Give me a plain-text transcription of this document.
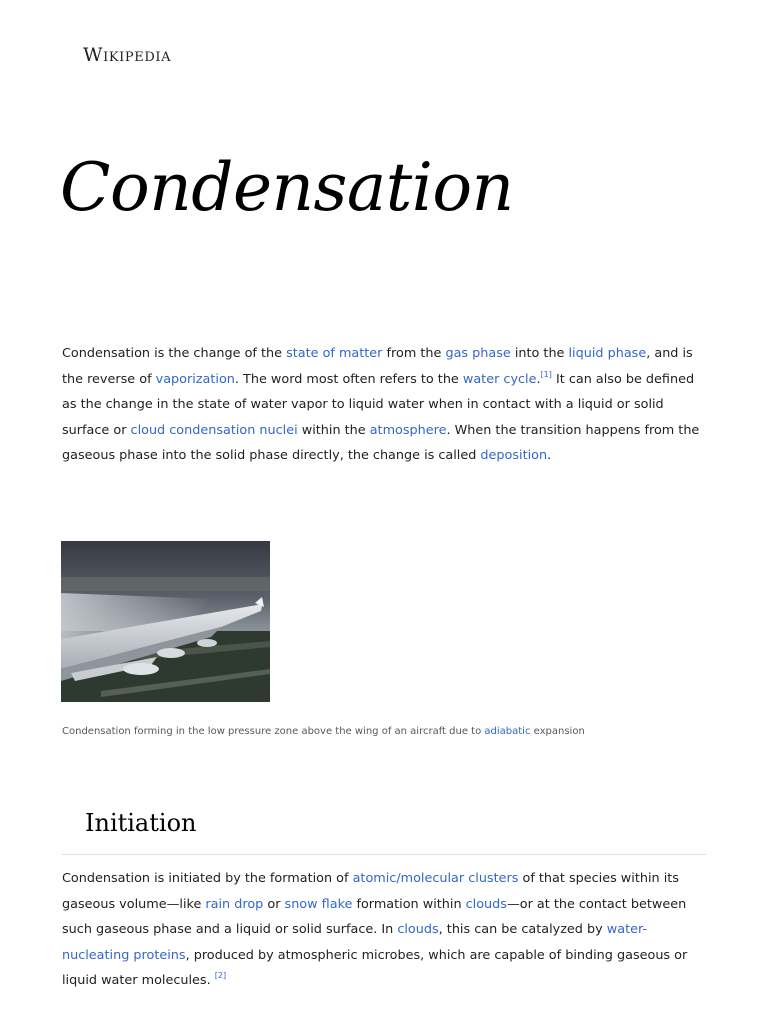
Wikipedia
Condensation

Condensation is the change of the state of matter from the gas phase into the liquid phase, and is the reverse of vaporization. The word most often refers to the water cycle.[1] It can also be defined as the change in the state of water vapor to liquid water when in contact with a liquid or solid surface or cloud condensation nuclei within the atmosphere. When the transition happens from the gaseous phase into the solid phase directly, the change is called deposition.

Condensation forming in the low pressure zone above the wing of an aircraft due to adiabatic expansion
Initiation

Condensation is initiated by the formation of atomic/molecular clusters of that species within its gaseous volume—like rain drop or snow flake formation within clouds—or at the contact between such gaseous phase and a liquid or solid surface. In clouds, this can be catalyzed by water-nucleating proteins, produced by atmospheric microbes, which are capable of binding gaseous or liquid water molecules. [2]
